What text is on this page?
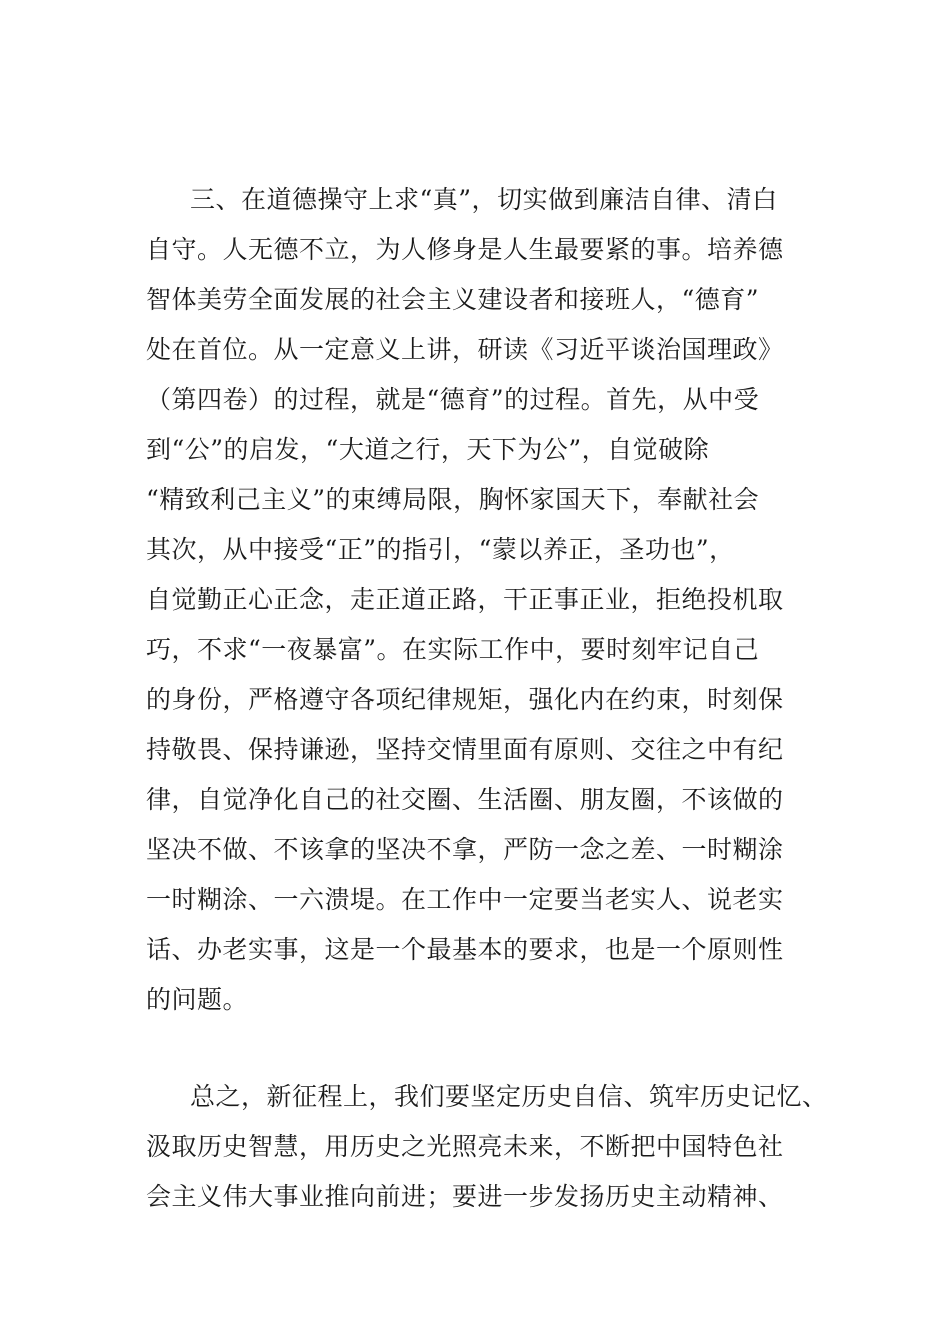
三、在道德操守上求“真”，切实做到廉洁自律、清白
自守。人无德不立，为人修身是人生最要紧的事。培养德
智体美劳全面发展的社会主义建设者和接班人，“德育”
处在首位。从一定意义上讲，研读《习近平谈治国理政》
（第四卷）的过程，就是“德育”的过程。首先，从中受
到“公”的启发，“大道之行，天下为公”，自觉破除
“精致利己主义”的束缚局限，胸怀家国天下，奉献社会
其次，从中接受“正”的指引，“蒙以养正，圣功也”，
自觉勤正心正念，走正道正路，干正事正业，拒绝投机取
巧，不求“一夜暴富”。在实际工作中，要时刻牢记自己
的身份，严格遵守各项纪律规矩，强化内在约束，时刻保
持敬畏、保持谦逊，坚持交情里面有原则、交往之中有纪
律，自觉净化自己的社交圈、生活圈、朋友圈，不该做的
坚决不做、不该拿的坚决不拿，严防一念之差、一时糊涂
一时糊涂、一六溃堤。在工作中一定要当老实人、说老实
话、办老实事，这是一个最基本的要求，也是一个原则性
的问题。
总之，新征程上，我们要坚定历史自信、筑牢历史记忆、
汲取历史智慧，用历史之光照亮未来，不断把中国特色社
会主义伟大事业推向前进；要进一步发扬历史主动精神、
